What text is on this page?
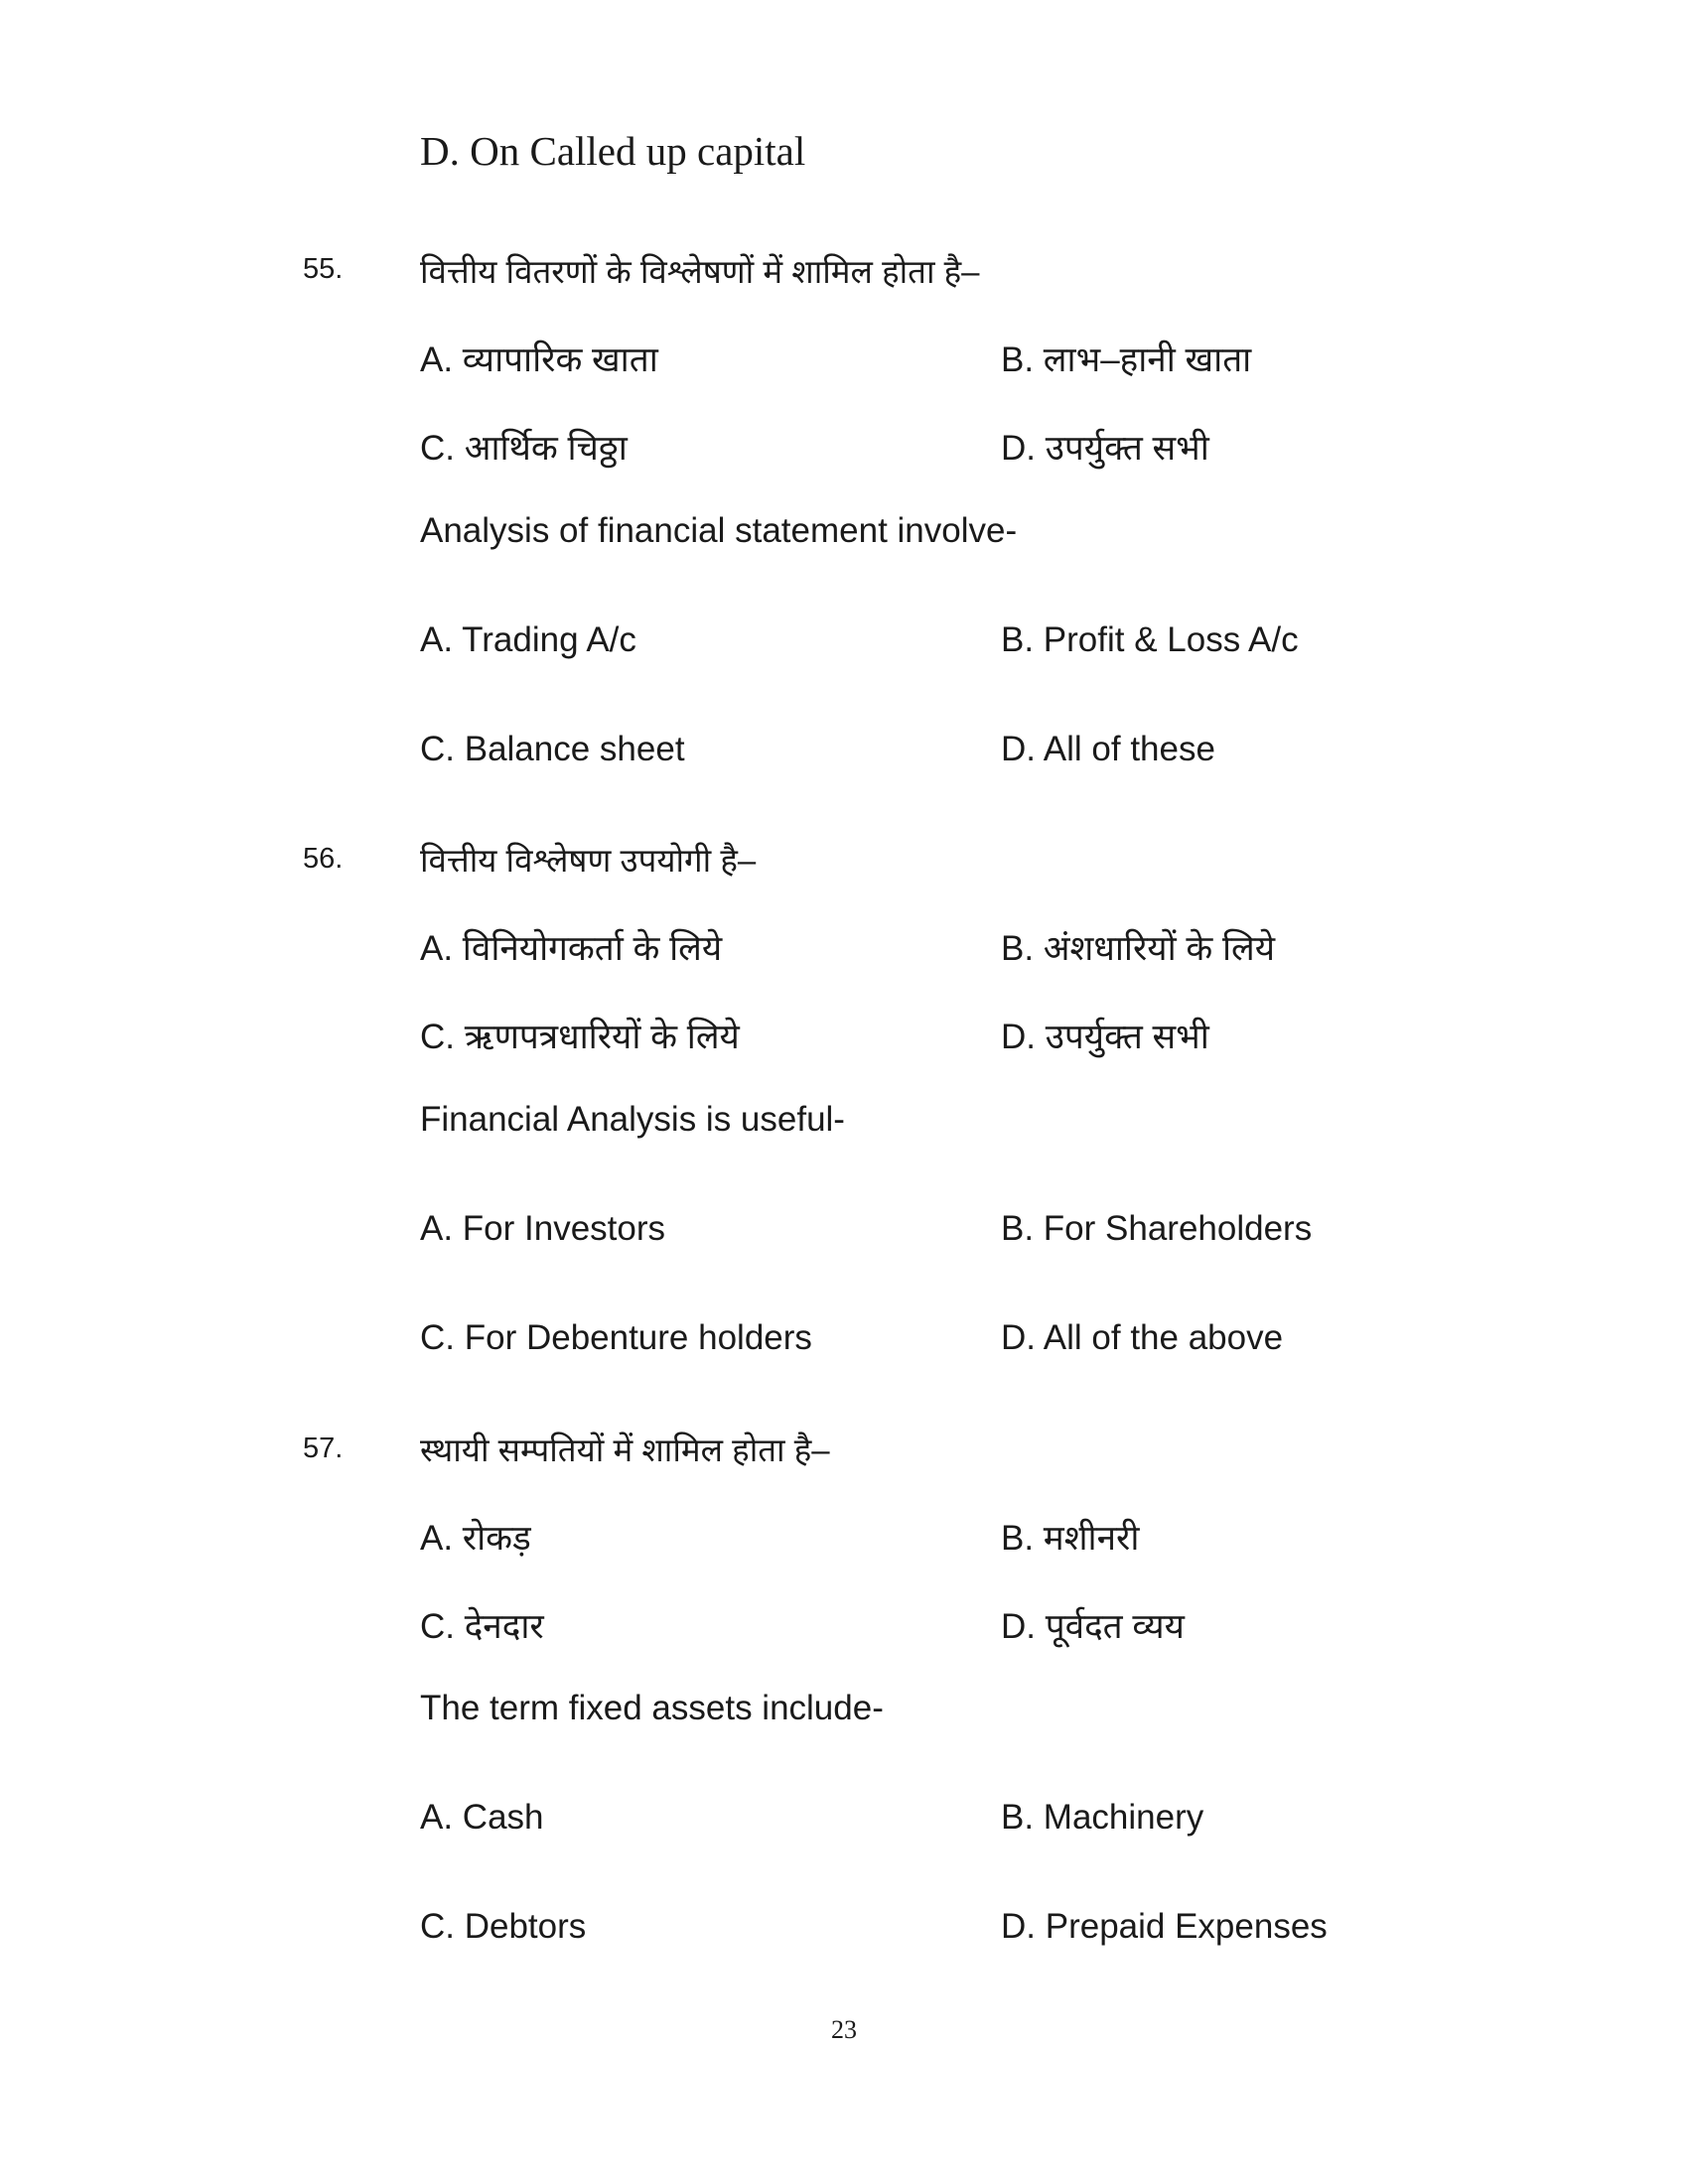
D. On Called up capital
55. वित्तीय वितरणों के विश्लेषणों में शामिल होता है–
A. व्यापारिक खाता	B. लाभ–हानी खाता
C. आर्थिक चिठ्ठा	D. उपर्युक्त सभी
Analysis of financial statement involve-
A. Trading A/c	B. Profit & Loss A/c
C. Balance sheet	D. All of these
56. वित्तीय विश्लेषण उपयोगी है–
A. विनियोगकर्ता के लिये	B. अंशधारियों के लिये
C. ऋणपत्रधारियों के लिये	D. उपर्युक्त सभी
Financial Analysis is useful-
A. For Investors	B. For Shareholders
C. For Debenture holders	D. All of the above
57. स्थायी सम्पतियों में शामिल होता है–
A. रोकड़	B. मशीनरी
C. देनदार	D. पूर्वदत व्यय
The term fixed assets include-
A. Cash	B. Machinery
C. Debtors	D. Prepaid Expenses
23
